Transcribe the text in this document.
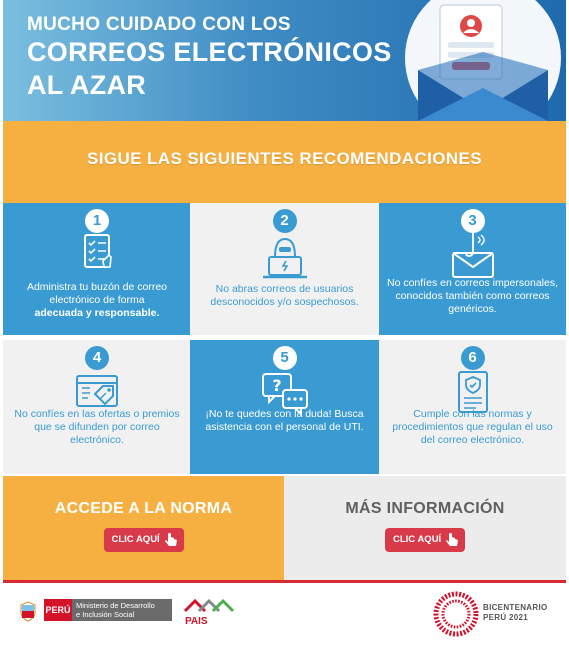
MUCHO CUIDADO CON LOS
CORREOS ELECTRÓNICOS
AL AZAR
SIGUE LAS SIGUIENTES RECOMENDACIONES
1
Administra tu buzón de correo electrónico de forma
adecuada y responsable.
2
No abras correos de usuarios desconocidos y/o sospechosos.
3
No confíes en correos impersonales, conocidos también como correos genéricos.
4
No confíes en las ofertas o premios que se difunden por correo electrónico.
5
?
¡No te quedes con la duda! Busca asistencia con el personal de UTI.
6
Cumple con las normas y procedimientos que regulan el uso del correo electrónico.
ACCEDE A LA NORMA
CLIC AQUÍ
MÁS INFORMACIÓN
CLIC AQUÍ
PERÚ Ministerio de Desarrollo
e Inclusión Social
PAIS
BICENTENARIO
PERÚ 2021
